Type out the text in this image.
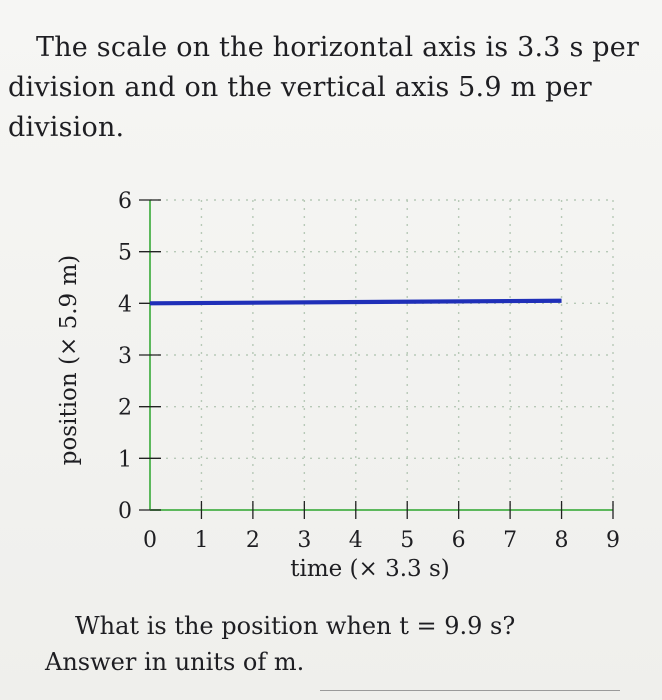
The scale on the horizontal axis is 3.3 s per
division and on the vertical axis 5.9 m per
division.
0 1 2 3 4 5 6 7 8 9
0
1
2
3
4
5
6
time (× 3.3 s)
position (× 5.9 m)
What is the position when t = 9.9 s?
Answer in units of m.
